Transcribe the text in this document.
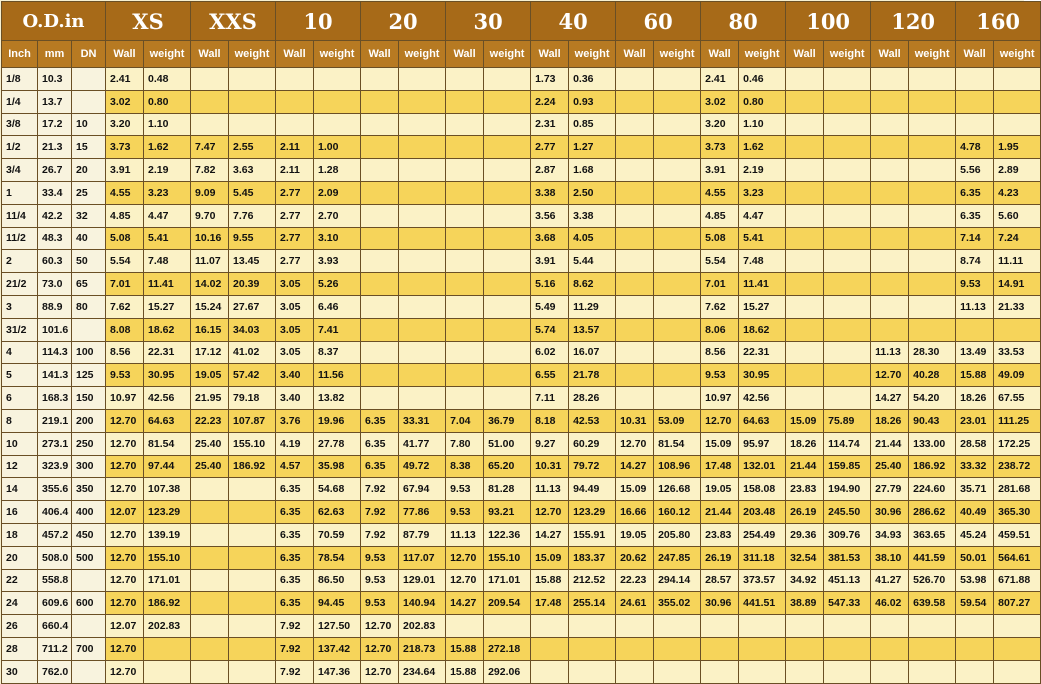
O.D.in			XS		XXS		10		20		30		40		60		80		100		120		160	
Inch	mm	DN	Wall	weight	Wall	weight	Wall	weight	Wall	weight	Wall	weight	Wall	weight	Wall	weight	Wall	weight	Wall	weight	Wall	weight	Wall	weight
1/8	10.3		2.41	0.48									1.73	0.36			2.41	0.46						
1/4	13.7		3.02	0.80									2.24	0.93			3.02	0.80						
3/8	17.2	10	3.20	1.10									2.31	0.85			3.20	1.10						
1/2	21.3	15	3.73	1.62	7.47	2.55	2.11	1.00					2.77	1.27			3.73	1.62					4.78	1.95
3/4	26.7	20	3.91	2.19	7.82	3.63	2.11	1.28					2.87	1.68			3.91	2.19					5.56	2.89
1	33.4	25	4.55	3.23	9.09	5.45	2.77	2.09					3.38	2.50			4.55	3.23					6.35	4.23
11/4	42.2	32	4.85	4.47	9.70	7.76	2.77	2.70					3.56	3.38			4.85	4.47					6.35	5.60
11/2	48.3	40	5.08	5.41	10.16	9.55	2.77	3.10					3.68	4.05			5.08	5.41					7.14	7.24
2	60.3	50	5.54	7.48	11.07	13.45	2.77	3.93					3.91	5.44			5.54	7.48					8.74	11.11
21/2	73.0	65	7.01	11.41	14.02	20.39	3.05	5.26					5.16	8.62			7.01	11.41					9.53	14.91
3	88.9	80	7.62	15.27	15.24	27.67	3.05	6.46					5.49	11.29			7.62	15.27					11.13	21.33
31/2	101.6		8.08	18.62	16.15	34.03	3.05	7.41					5.74	13.57			8.06	18.62						
4	114.3	100	8.56	22.31	17.12	41.02	3.05	8.37					6.02	16.07			8.56	22.31			11.13	28.30	13.49	33.53
5	141.3	125	9.53	30.95	19.05	57.42	3.40	11.56					6.55	21.78			9.53	30.95			12.70	40.28	15.88	49.09
6	168.3	150	10.97	42.56	21.95	79.18	3.40	13.82					7.11	28.26			10.97	42.56			14.27	54.20	18.26	67.55
8	219.1	200	12.70	64.63	22.23	107.87	3.76	19.96	6.35	33.31	7.04	36.79	8.18	42.53	10.31	53.09	12.70	64.63	15.09	75.89	18.26	90.43	23.01	111.25
10	273.1	250	12.70	81.54	25.40	155.10	4.19	27.78	6.35	41.77	7.80	51.00	9.27	60.29	12.70	81.54	15.09	95.97	18.26	114.74	21.44	133.00	28.58	172.25
12	323.9	300	12.70	97.44	25.40	186.92	4.57	35.98	6.35	49.72	8.38	65.20	10.31	79.72	14.27	108.96	17.48	132.01	21.44	159.85	25.40	186.92	33.32	238.72
14	355.6	350	12.70	107.38			6.35	54.68	7.92	67.94	9.53	81.28	11.13	94.49	15.09	126.68	19.05	158.08	23.83	194.90	27.79	224.60	35.71	281.68
16	406.4	400	12.07	123.29			6.35	62.63	7.92	77.86	9.53	93.21	12.70	123.29	16.66	160.12	21.44	203.48	26.19	245.50	30.96	286.62	40.49	365.30
18	457.2	450	12.70	139.19			6.35	70.59	7.92	87.79	11.13	122.36	14.27	155.91	19.05	205.80	23.83	254.49	29.36	309.76	34.93	363.65	45.24	459.51
20	508.0	500	12.70	155.10			6.35	78.54	9.53	117.07	12.70	155.10	15.09	183.37	20.62	247.85	26.19	311.18	32.54	381.53	38.10	441.59	50.01	564.61
22	558.8		12.70	171.01			6.35	86.50	9.53	129.01	12.70	171.01	15.88	212.52	22.23	294.14	28.57	373.57	34.92	451.13	41.27	526.70	53.98	671.88
24	609.6	600	12.70	186.92			6.35	94.45	9.53	140.94	14.27	209.54	17.48	255.14	24.61	355.02	30.96	441.51	38.89	547.33	46.02	639.58	59.54	807.27
26	660.4		12.07	202.83			7.92	127.50	12.70	202.83														
28	711.2	700	12.70				7.92	137.42	12.70	218.73	15.88	272.18												
30	762.0		12.70				7.92	147.36	12.70	234.64	15.88	292.06												
